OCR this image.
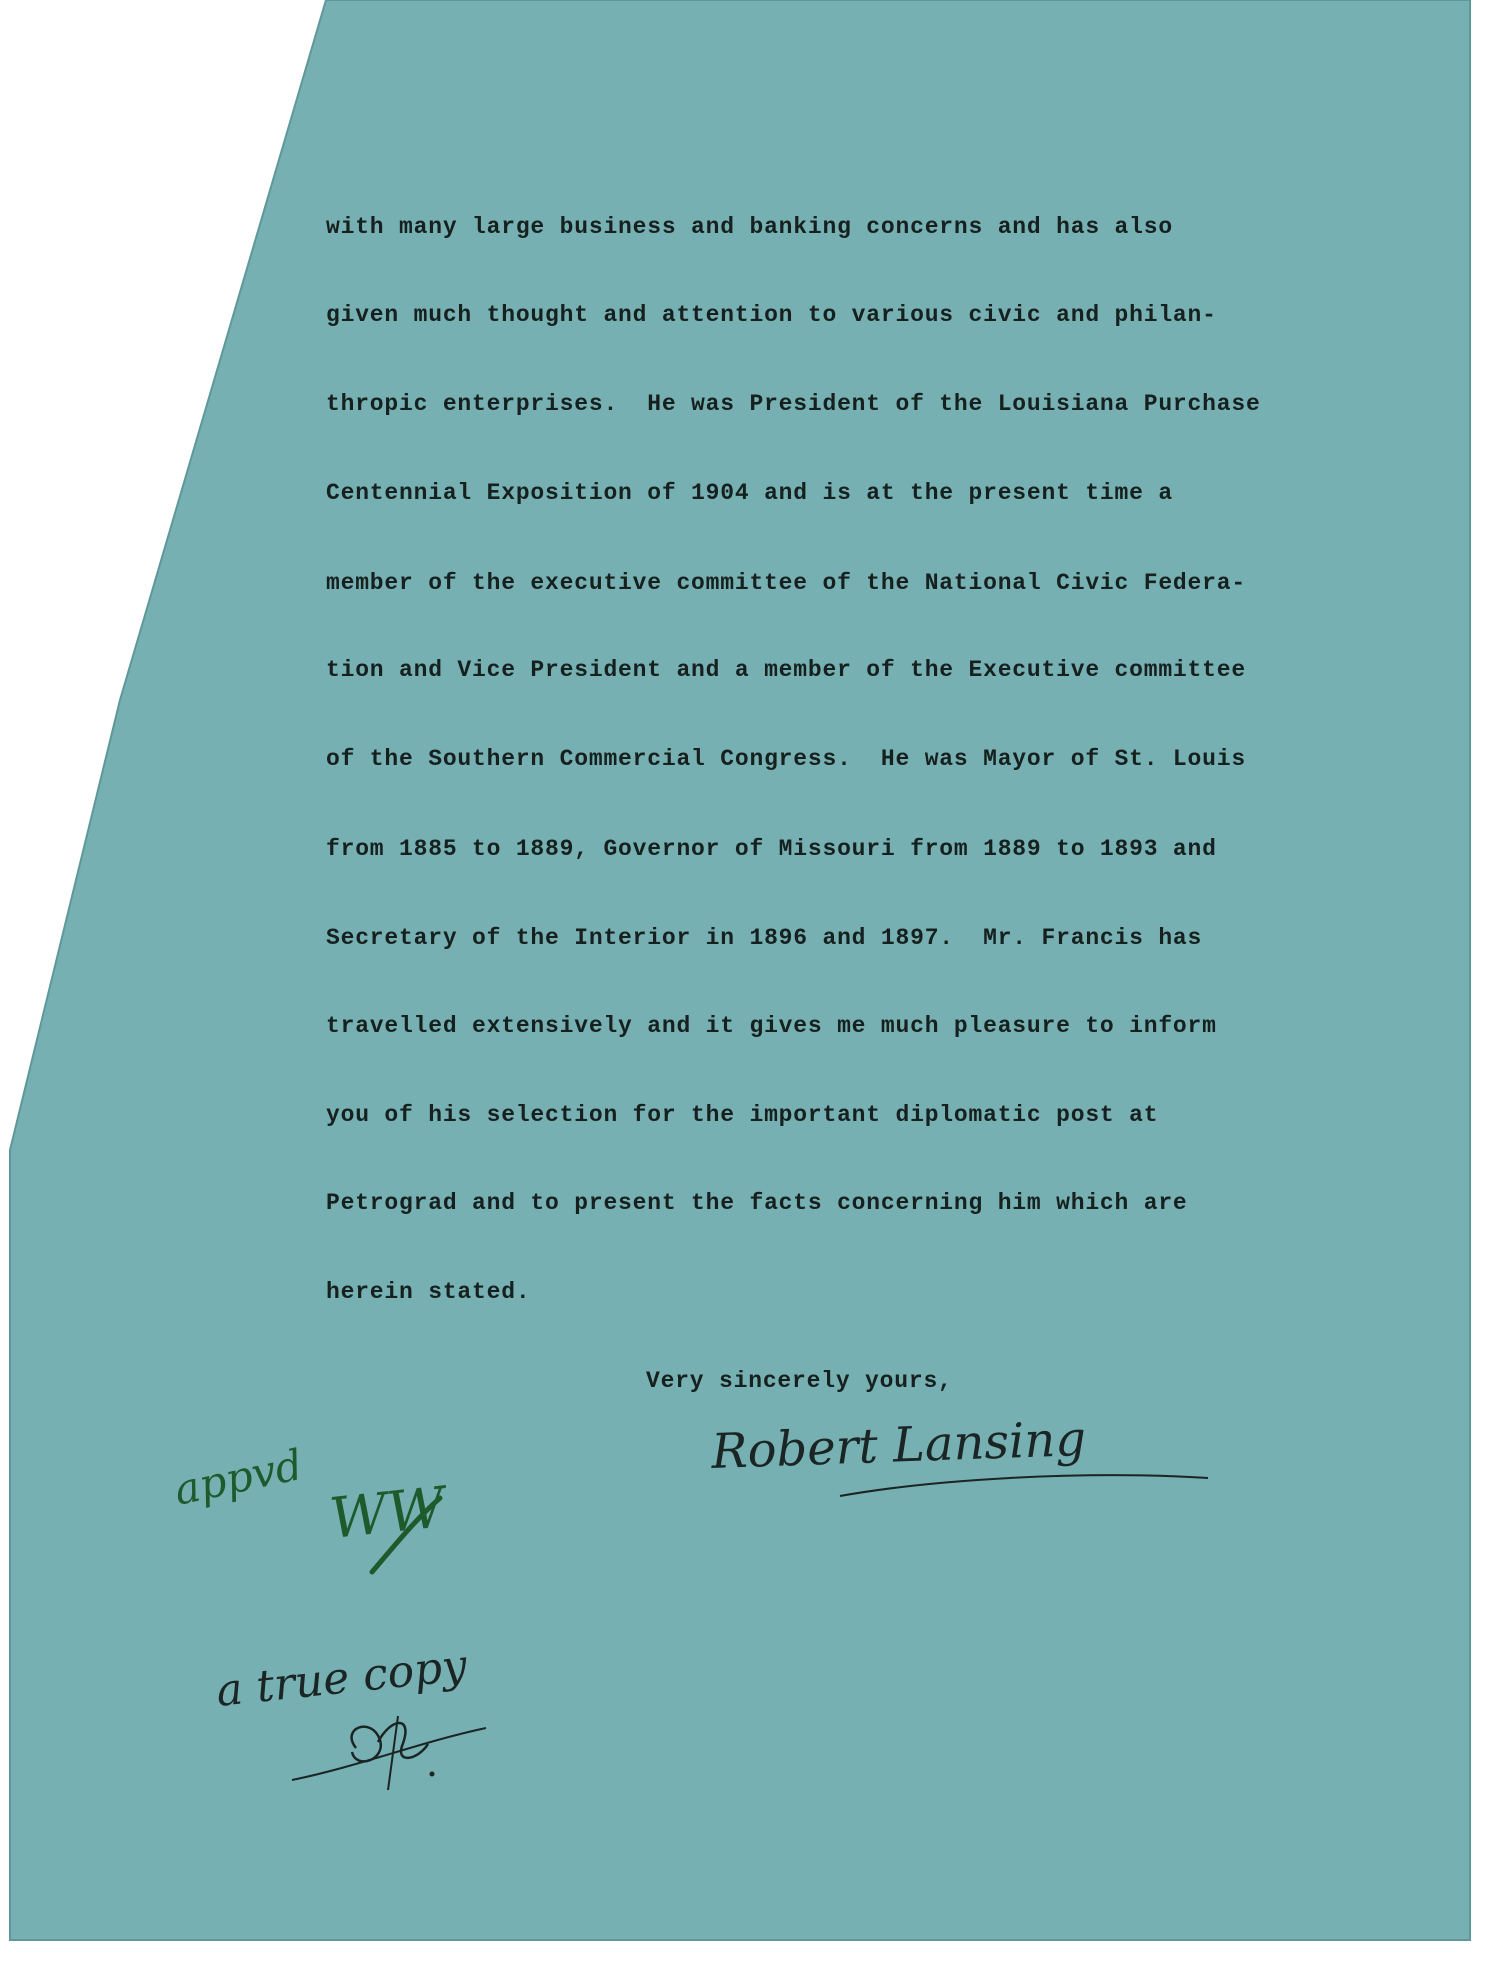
with many large business and banking concerns and has also

given much thought and attention to various civic and philan-

thropic enterprises.  He was President of the Louisiana Purchase

Centennial Exposition of 1904 and is at the present time a

member of the executive committee of the National Civic Federa-

tion and Vice President and a member of the Executive committee

of the Southern Commercial Congress.  He was Mayor of St. Louis

from 1885 to 1889, Governor of Missouri from 1889 to 1893 and

Secretary of the Interior in 1896 and 1897.  Mr. Francis has

travelled extensively and it gives me much pleasure to inform

you of his selection for the important diplomatic post at

Petrograd and to present the facts concerning him which are

herein stated.

Very sincerely yours,

Robert Lansing
appvd WW
a true copy
